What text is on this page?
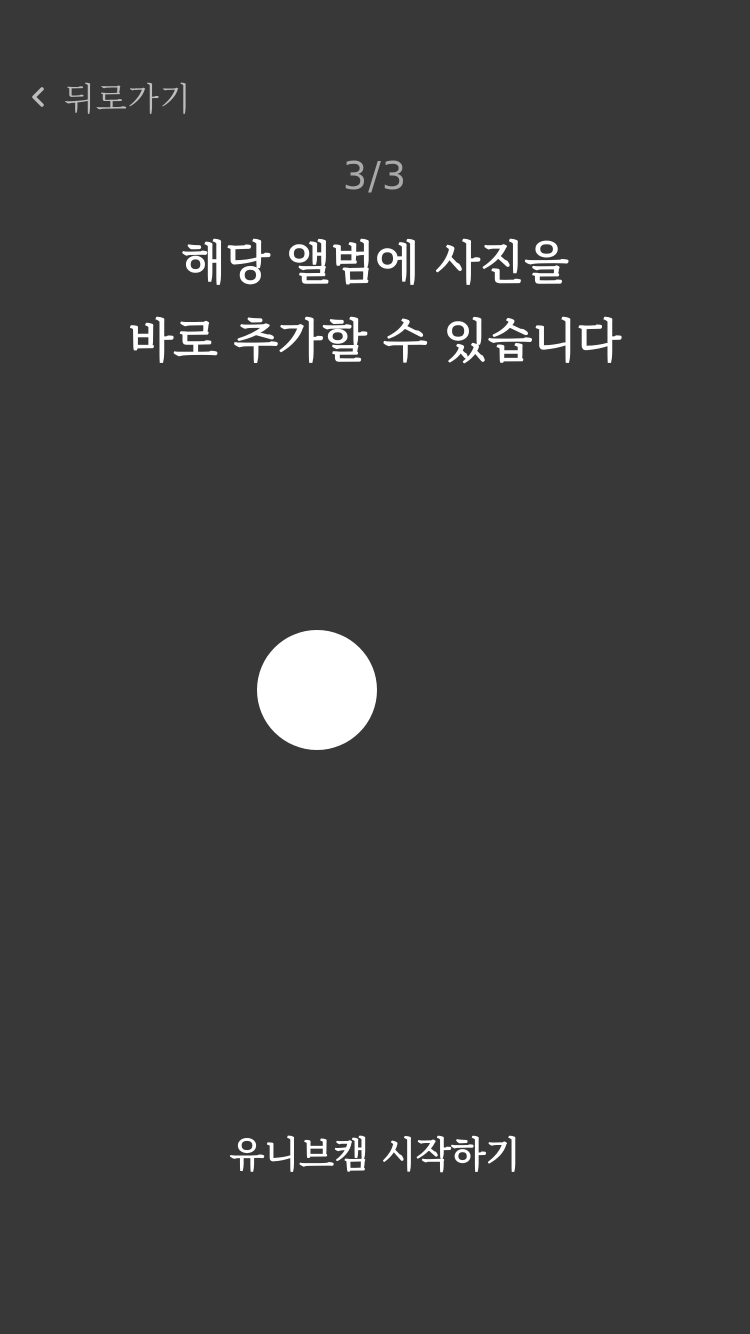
뒤로가기
3/3
해당 앨범에 사진을
바로 추가할 수 있습니다
유니브캠 시작하기
